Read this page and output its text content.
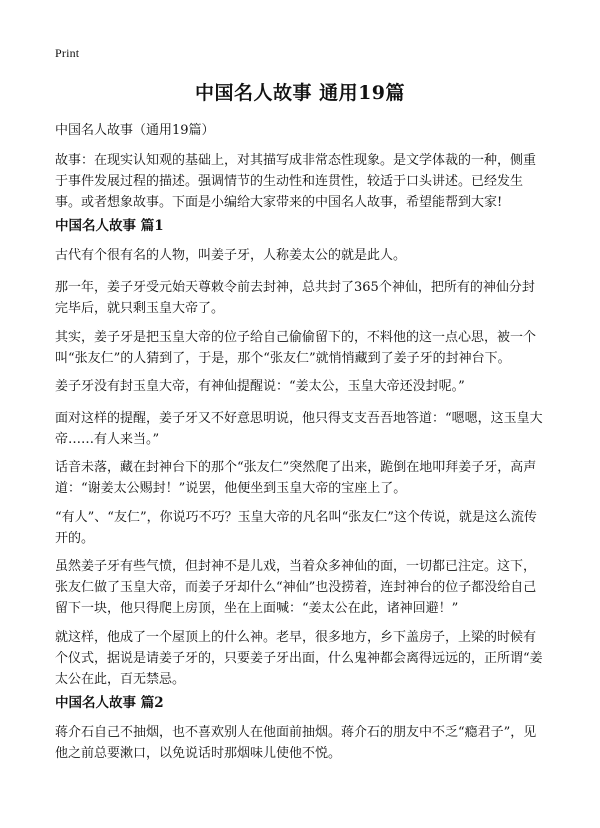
Print
中国名人故事 通用19篇
中国名人故事（通用19篇）
故事：在现实认知观的基础上，对其描写成非常态性现象。是文学体裁的一种，侧重于事件发展过程的描述。强调情节的生动性和连贯性，较适于口头讲述。已经发生事。或者想象故事。下面是小编给大家带来的中国名人故事，希望能帮到大家!
中国名人故事 篇1
古代有个很有名的人物，叫姜子牙，人称姜太公的就是此人。
那一年，姜子牙受元始天尊敕令前去封神，总共封了365个神仙，把所有的神仙分封完毕后，就只剩玉皇大帝了。
其实，姜子牙是把玉皇大帝的位子给自己偷偷留下的，不料他的这一点心思，被一个叫“张友仁”的人猜到了，于是，那个“张友仁”就悄悄藏到了姜子牙的封神台下。
姜子牙没有封玉皇大帝，有神仙提醒说：“姜太公，玉皇大帝还没封呢。”
面对这样的提醒，姜子牙又不好意思明说，他只得支支吾吾地答道：“嗯嗯，这玉皇大帝……有人来当。”
话音未落，藏在封神台下的那个“张友仁”突然爬了出来，跪倒在地叩拜姜子牙，高声道：“谢姜太公赐封！”说罢，他便坐到玉皇大帝的宝座上了。
“有人”、“友仁”，你说巧不巧？玉皇大帝的凡名叫“张友仁”这个传说，就是这么流传开的。
虽然姜子牙有些气愤，但封神不是儿戏，当着众多神仙的面，一切都已注定。这下，张友仁做了玉皇大帝，而姜子牙却什么“神仙”也没捞着，连封神台的位子都没给自己留下一块，他只得爬上房顶，坐在上面喊：“姜太公在此，诸神回避！”
就这样，他成了一个屋顶上的什么神。老早，很多地方，乡下盖房子，上梁的时候有个仪式，据说是请姜子牙的，只要姜子牙出面，什么鬼神都会离得远远的，正所谓“姜太公在此，百无禁忌。
中国名人故事 篇2
蒋介石自己不抽烟，也不喜欢别人在他面前抽烟。蒋介石的朋友中不乏“瘾君子”，见他之前总要漱口，以免说话时那烟味儿使他不悦。
